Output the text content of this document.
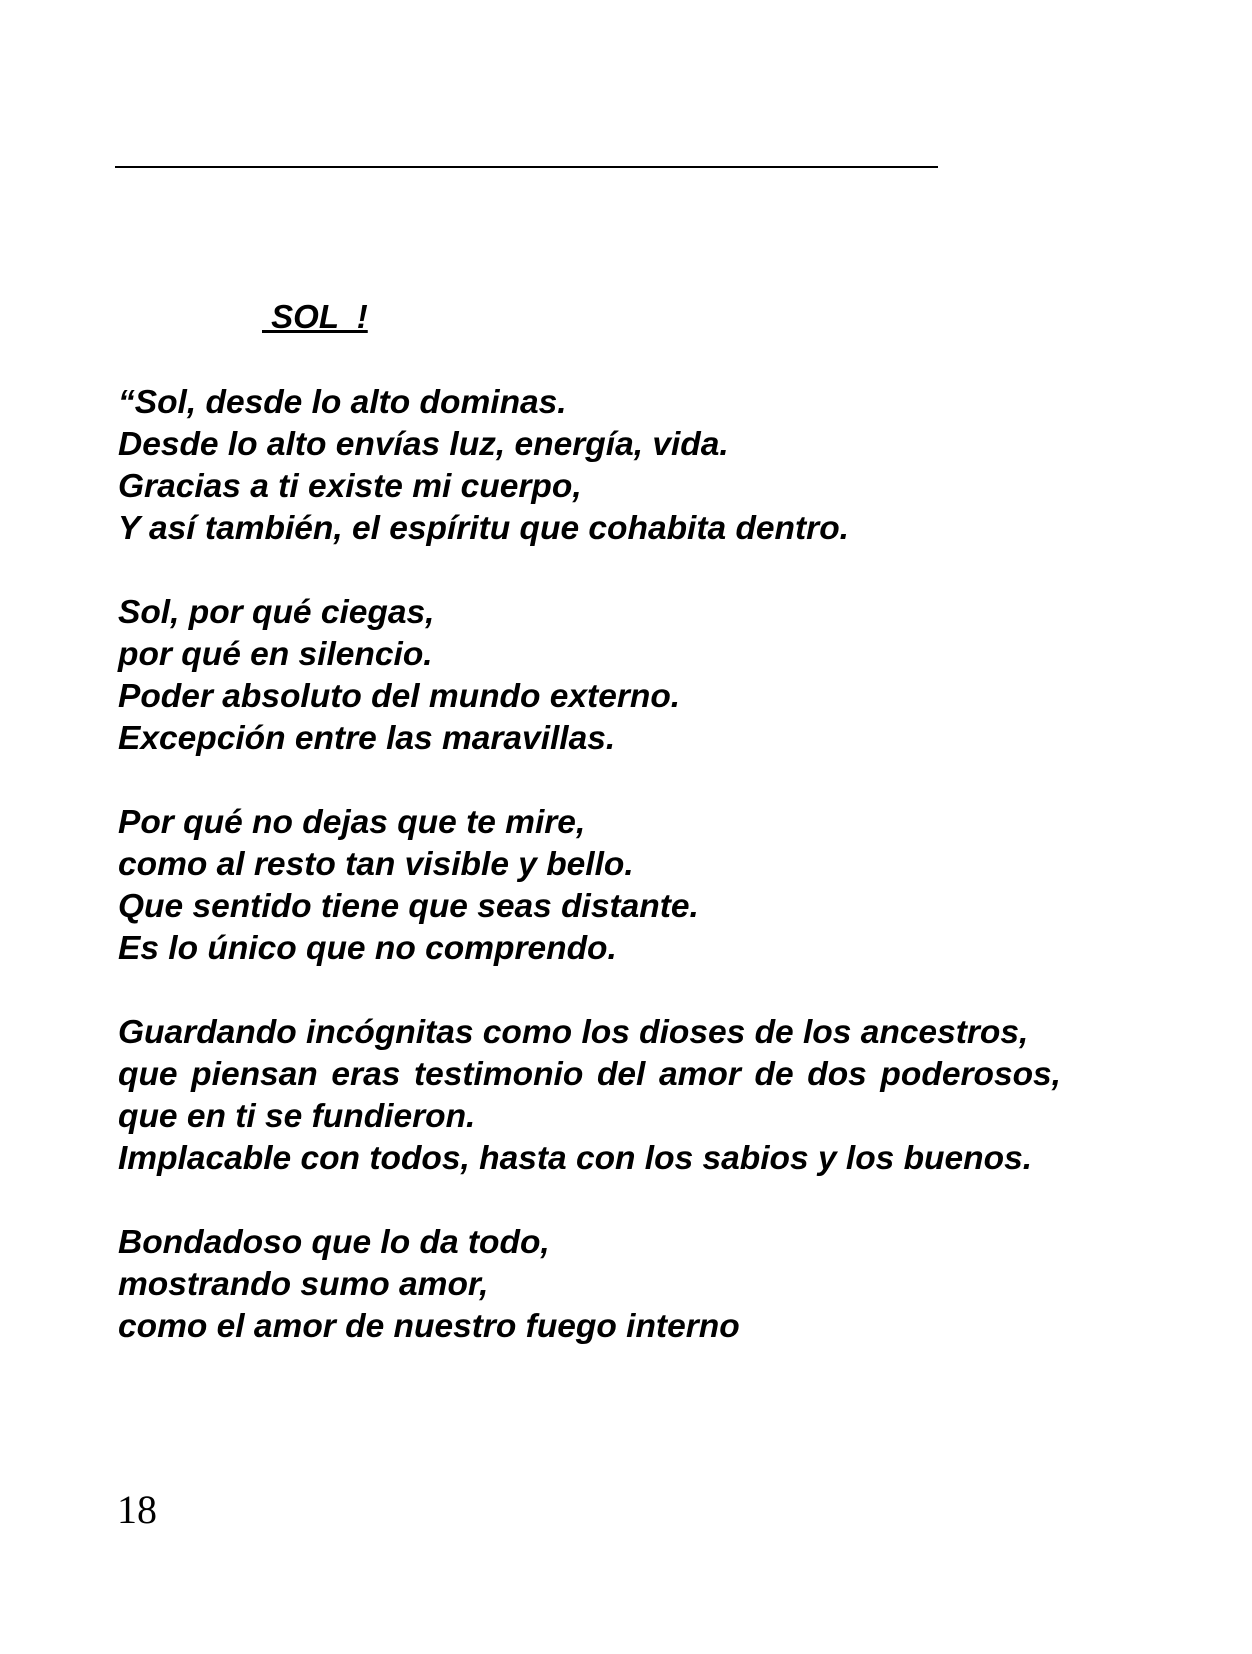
SOL  !
“Sol, desde lo alto dominas.
Desde lo alto envías luz, energía, vida.
Gracias a ti existe mi cuerpo,
Y así también, el espíritu que cohabita dentro.
Sol, por qué ciegas,
por qué en silencio.
Poder absoluto del mundo externo.
Excepción entre las maravillas.
Por qué no dejas que te mire,
como al resto tan visible y bello.
Que sentido tiene que seas distante.
Es lo único que no comprendo.
Guardando incógnitas como los dioses de los ancestros,
que piensan eras testimonio del amor de dos poderosos, que en ti se fundieron.
Implacable con todos, hasta con los sabios y los buenos.
Bondadoso que lo da todo,
mostrando sumo amor,
como el amor de nuestro fuego interno
18
